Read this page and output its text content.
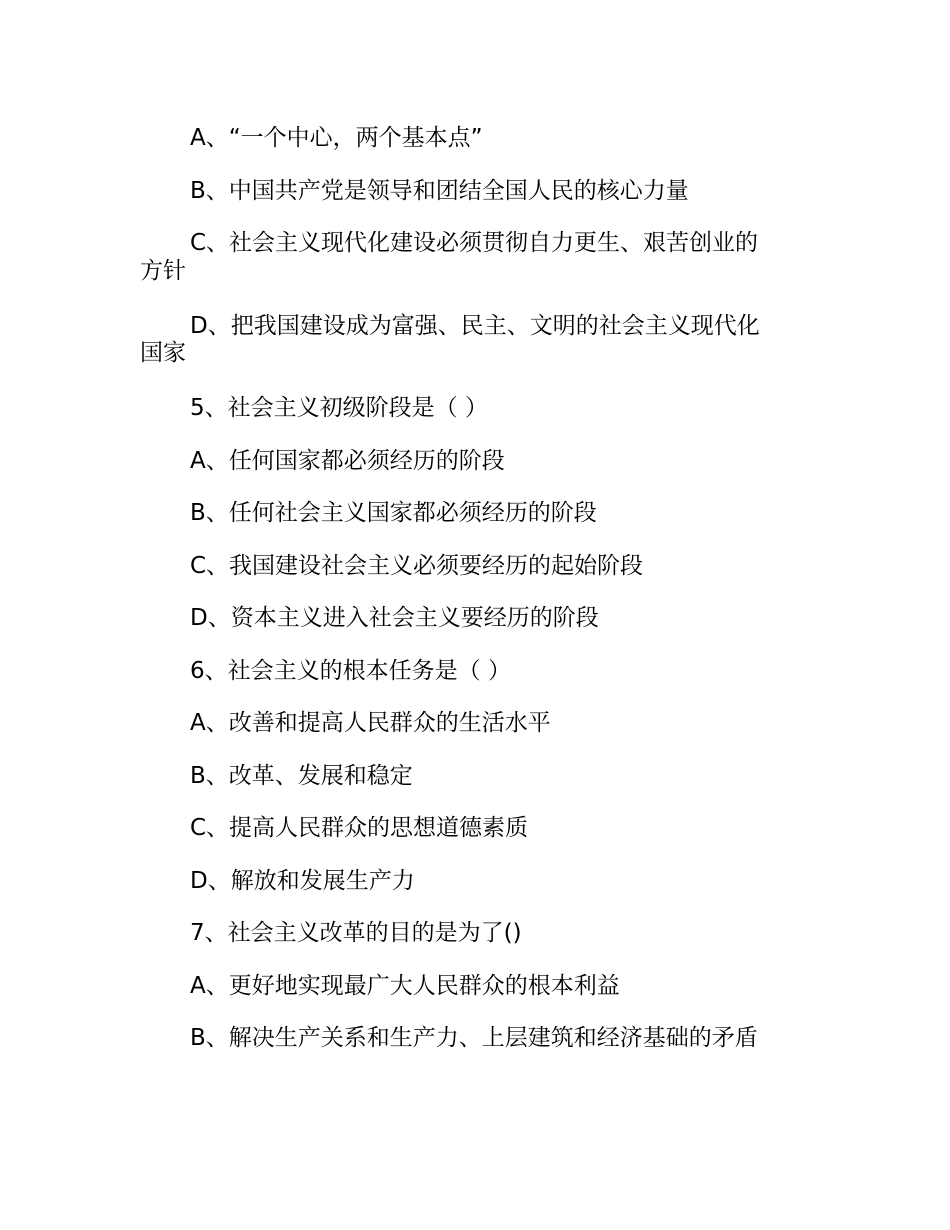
A、“一个中心，两个基本点”

B、中国共产党是领导和团结全国人民的核心力量

C、社会主义现代化建设必须贯彻自力更生、艰苦创业的
方针
D、把我国建设成为富强、民主、文明的社会主义现代化
国家

5、社会主义初级阶段是（ ）

A、任何国家都必须经历的阶段

B、任何社会主义国家都必须经历的阶段

C、我国建设社会主义必须要经历的起始阶段

D、资本主义进入社会主义要经历的阶段

6、社会主义的根本任务是（ ）

A、改善和提高人民群众的生活水平

B、改革、发展和稳定

C、提高人民群众的思想道德素质

D、解放和发展生产力

7、社会主义改革的目的是为了()

A、更好地实现最广大人民群众的根本利益

B、解决生产关系和生产力、上层建筑和经济基础的矛盾
